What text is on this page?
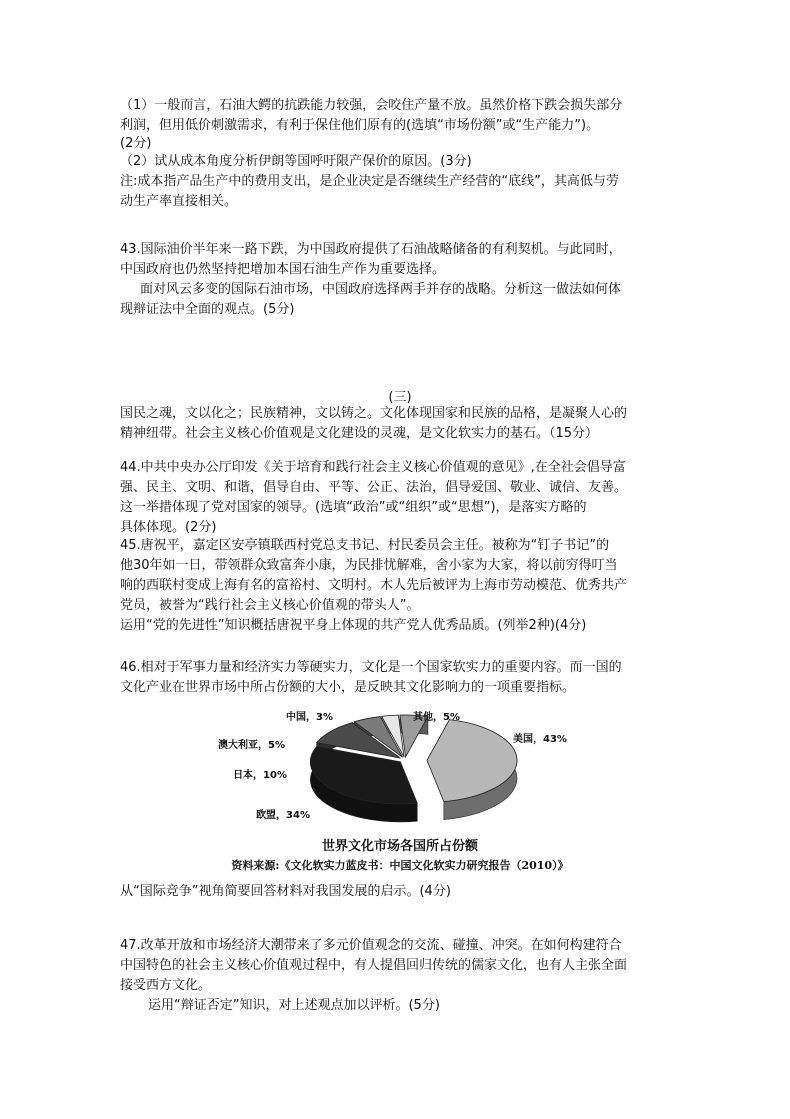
（1）一般而言，石油大鳄的抗跌能力较强，会咬住产量不放。虽然价格下跌会损失部分
利润，但用低价刺激需求，有利于保住他们原有的(选填“市场份额”或“生产能力”)。
(2分)
（2）试从成本角度分析伊朗等国呼吁限产保价的原因。(3分)
注:成本指产品生产中的费用支出，是企业决定是否继续生产经营的“底线”，其高低与劳
动生产率直接相关。
43.国际油价半年来一路下跌，为中国政府提供了石油战略储备的有利契机。与此同时，
中国政府也仍然坚持把增加本国石油生产作为重要选择。
面对风云多变的国际石油市场，中国政府选择两手并存的战略。分析这一做法如何体
现辩证法中全面的观点。(5分)
(三)
国民之魂，文以化之；民族精神，文以铸之。文化体现国家和民族的品格，是凝聚人心的
精神纽带。社会主义核心价值观是文化建设的灵魂，是文化软实力的基石。（15分）
44.中共中央办公厅印发《关于培育和践行社会主义核心价值观的意见》,在全社会倡导富
强、民主、文明、和谐，倡导自由、平等、公正、法治，倡导爱国、敬业、诚信、友善。
这一举措体现了党对国家的领导。(选填“政治”或“组织”或“思想”)，是落实方略的
具体体现。(2分)
45.唐祝平，嘉定区安亭镇联西村党总支书记、村民委员会主任。被称为“钉子书记”的
他30年如一日，带领群众致富奔小康，为民排忧解难，舍小家为大家，将以前穷得叮当
响的西联村变成上海有名的富裕村、文明村。木人先后被评为上海市劳动模范、优秀共产
党员，被誉为“践行社会主义核心价值观的带头人”。
运用“党的先进性”知识概括唐祝平身上体现的共产党人优秀品质。(列举2种)(4分)
46.相对于军事力量和经济实力等硬实力，文化是一个国家软实力的重要内容。而一国的
文化产业在世界市场中所占份额的大小，是反映其文化影响力的一项重要指标。
美国，43%
欧盟，34%
日本，10%
澳大利亚，5%
中国，3%	其他，5%
世界文化市场各国所占份额
资料来源:《文化软实力蓝皮书：中国文化软实力研究报告（2010）》
从“国际竞争”视角简要回答材料对我国发展的启示。(4分)
47.改革开放和市场经济大潮带来了多元价值观念的交流、碰撞、冲突。在如何构建符合
中国特色的社会主义核心价值观过程中，有人提倡回归传统的儒家文化，也有人主张全面
接受西方文化。
运用“辩证否定”知识，对上述观点加以评析。(5分)
